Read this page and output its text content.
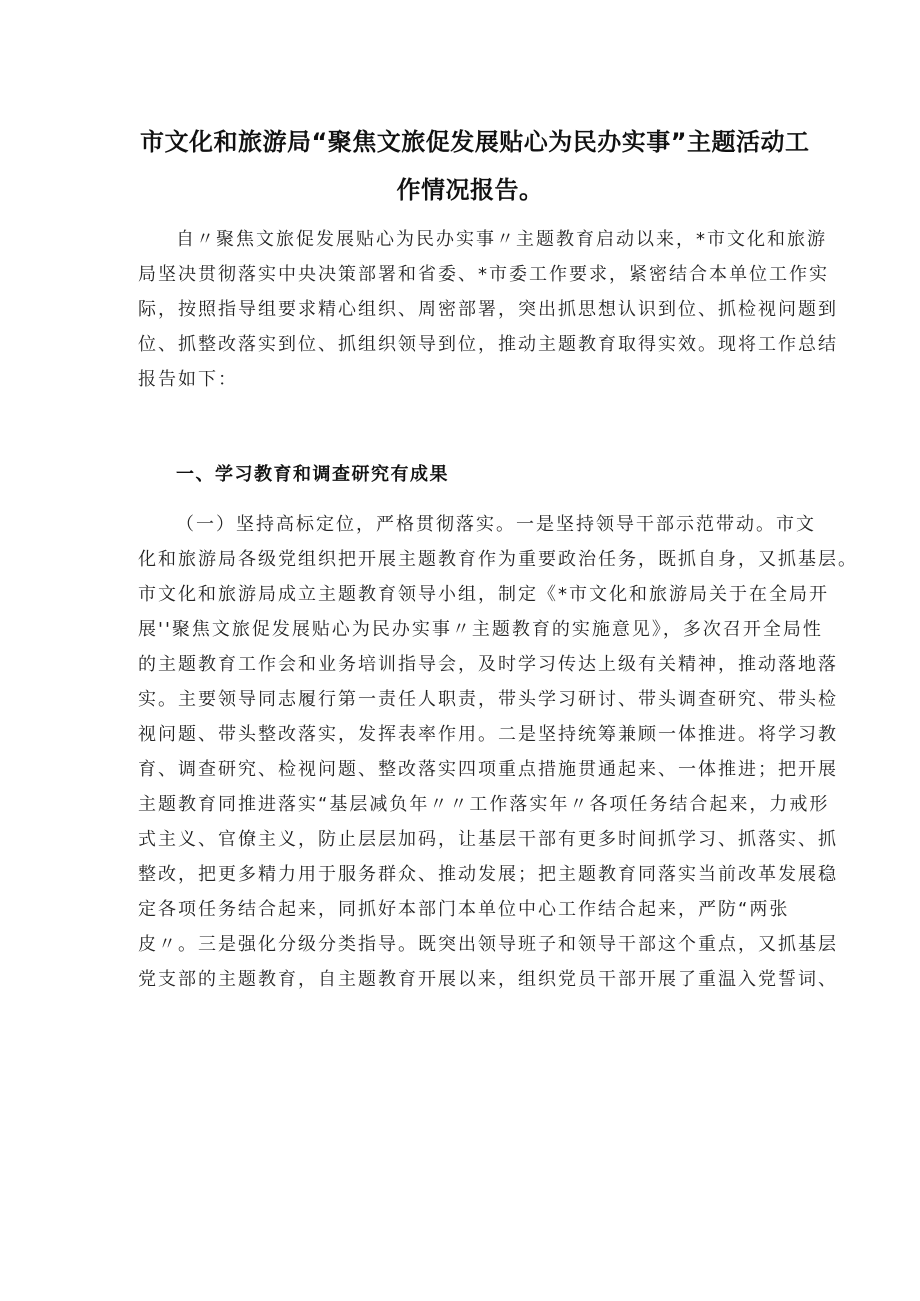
市文化和旅游局“聚焦文旅促发展贴心为民办实事”主题活动工
作情况报告。
自〃聚焦文旅促发展贴心为民办实事〃主题教育启动以来，*市文化和旅游
局坚决贯彻落实中央决策部署和省委、*市委工作要求，紧密结合本单位工作实
际，按照指导组要求精心组织、周密部署，突出抓思想认识到位、抓检视问题到
位、抓整改落实到位、抓组织领导到位，推动主题教育取得实效。现将工作总结
报告如下：
一、学习教育和调查研究有成果
（一）坚持高标定位，严格贯彻落实。一是坚持领导干部示范带动。市文
化和旅游局各级党组织把开展主题教育作为重要政治任务，既抓自身，又抓基层。
市文化和旅游局成立主题教育领导小组，制定《*市文化和旅游局关于在全局开
展''聚焦文旅促发展贴心为民办实事〃主题教育的实施意见》，多次召开全局性
的主题教育工作会和业务培训指导会，及时学习传达上级有关精神，推动落地落
实。主要领导同志履行第一责任人职责，带头学习研讨、带头调查研究、带头检
视问题、带头整改落实，发挥表率作用。二是坚持统筹兼顾一体推进。将学习教
育、调查研究、检视问题、整改落实四项重点措施贯通起来、一体推进；把开展
主题教育同推进落实“基层减负年〃〃工作落实年〃各项任务结合起来，力戒形
式主义、官僚主义，防止层层加码，让基层干部有更多时间抓学习、抓落实、抓
整改，把更多精力用于服务群众、推动发展；把主题教育同落实当前改革发展稳
定各项任务结合起来，同抓好本部门本单位中心工作结合起来，严防“两张
皮〃。三是强化分级分类指导。既突出领导班子和领导干部这个重点，又抓基层
党支部的主题教育，自主题教育开展以来，组织党员干部开展了重温入党誓词、
